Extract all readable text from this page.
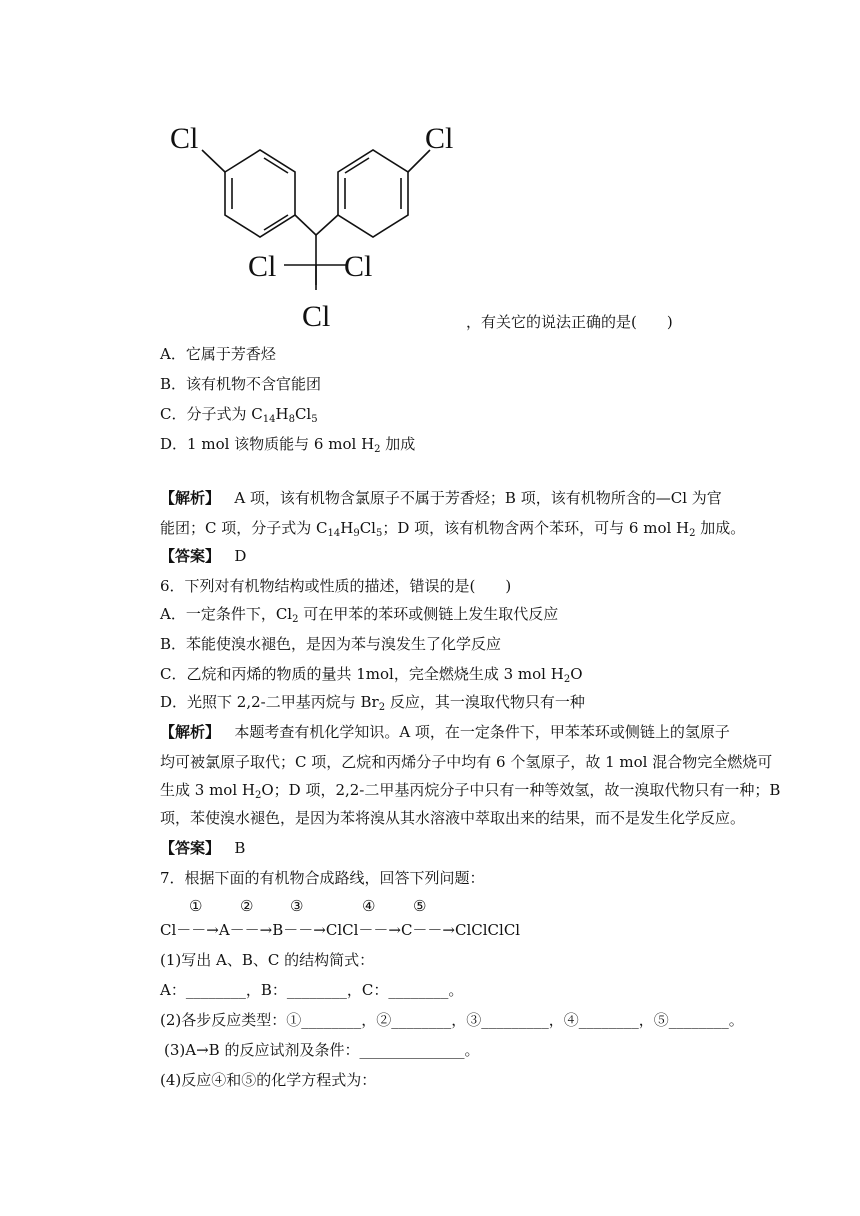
Cl	Cl
Cl Cl
Cl	，有关它的说法正确的是(　　)
A．它属于芳香烃
B．该有机物不含官能团
C．分子式为 $C_{14}H_8Cl_5$
D．1 mol 该物质能与 6 mol $H_2$ 加成
【解析】 A 项，该有机物含氯原子不属于芳香烃；B 项，该有机物所含的—Cl 为官
能团；C 项，分子式为 $C_{14}H_9Cl_5$；D 项，该有机物含两个苯环，可与 6 mol $H_2$ 加成。
【答案】 D
6．下列对有机物结构或性质的描述，错误的是(　　)
A．一定条件下，$Cl_2$ 可在甲苯的苯环或侧链上发生取代反应
B．苯能使溴水褪色，是因为苯与溴发生了化学反应
C．乙烷和丙烯的物质的量共 1mol，完全燃烧生成 3 mol $H_2O$
D．光照下 2,2-二甲基丙烷与 $Br_2$ 反应，其一溴取代物只有一种
【解析】 本题考查有机化学知识。A 项，在一定条件下，甲苯苯环或侧链上的氢原子
均可被氯原子取代；C 项，乙烷和丙烯分子中均有 6 个氢原子，故 1 mol 混合物完全燃烧可
生成 3 mol $H_2O$；D 项，2,2-二甲基丙烷分子中只有一种等效氢，故一溴取代物只有一种；B
项，苯使溴水褪色，是因为苯将溴从其水溶液中萃取出来的结果，而不是发生化学反应。
【答案】 B
7．根据下面的有机物合成路线，回答下列问题：
①	② ③	④	⑤
Cl－－→A－－→B－－→ClCl－－→C－－→ClClClCl
(1)写出 A、B、C 的结构简式：
A：________，B：________，C：________。
(2)各步反应类型：①________，②________，③_________，④________，⑤________。
(3)A→B 的反应试剂及条件：______________。
(4)反应④和⑤的化学方程式为：
